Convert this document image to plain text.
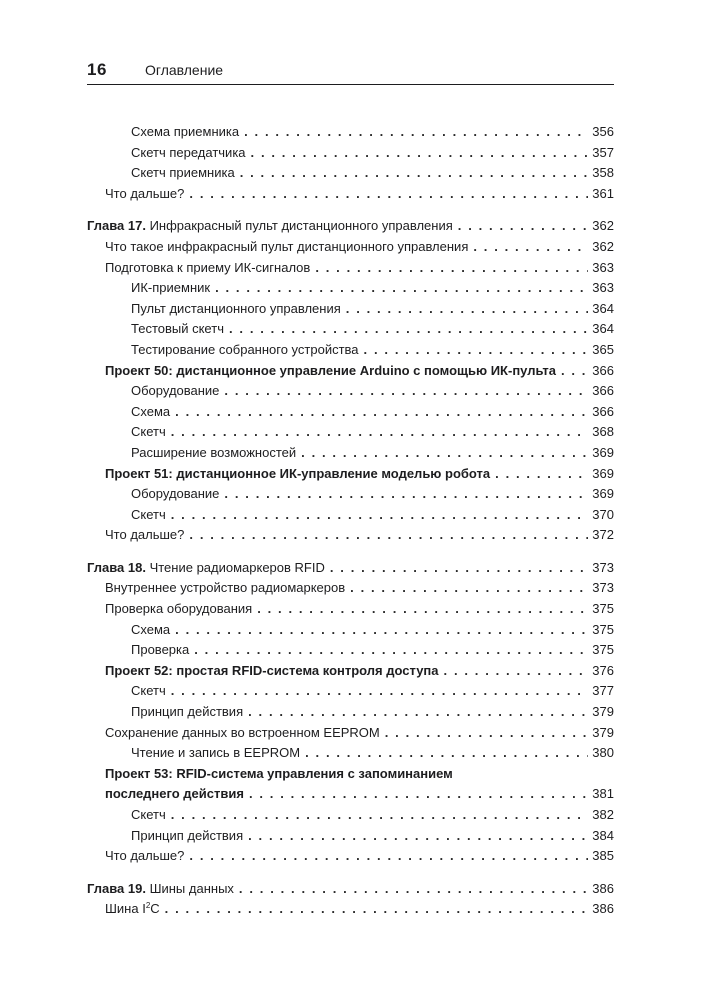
16	Оглавление
Схема приемника . . .	356
Скетч передатчика . . .	357
Скетч приемника . . .	358
Что дальше? . . .	361
Глава 17. Инфракрасный пульт дистанционного управления . . .	362
Что такое инфракрасный пульт дистанционного управления . . .	362
Подготовка к приему ИК-сигналов . . .	363
ИК-приемник . . .	363
Пульт дистанционного управления . . .	364
Тестовый скетч . . .	364
Тестирование собранного устройства . . .	365
Проект 50: дистанционное управление Arduino с помощью ИК-пульта . . .	366
Оборудование . . .	366
Схема . . .	366
Скетч . . .	368
Расширение возможностей . . .	369
Проект 51: дистанционное ИК-управление моделью робота . . .	369
Оборудование . . .	369
Скетч . . .	370
Что дальше? . . .	372
Глава 18. Чтение радиомаркеров RFID . . .	373
Внутреннее устройство радиомаркеров . . .	373
Проверка оборудования . . .	375
Схема . . .	375
Проверка . . .	375
Проект 52: простая RFID-система контроля доступа . . .	376
Скетч . . .	377
Принцип действия . . .	379
Сохранение данных во встроенном EEPROM . . .	379
Чтение и запись в EEPROM . . .	380
Проект 53: RFID-система управления с запоминанием
последнего действия . . .	381
Скетч . . .	382
Принцип действия . . .	384
Что дальше? . . .	385
Глава 19. Шины данных . . .	386
Шина $I^2C$ . . .	386
